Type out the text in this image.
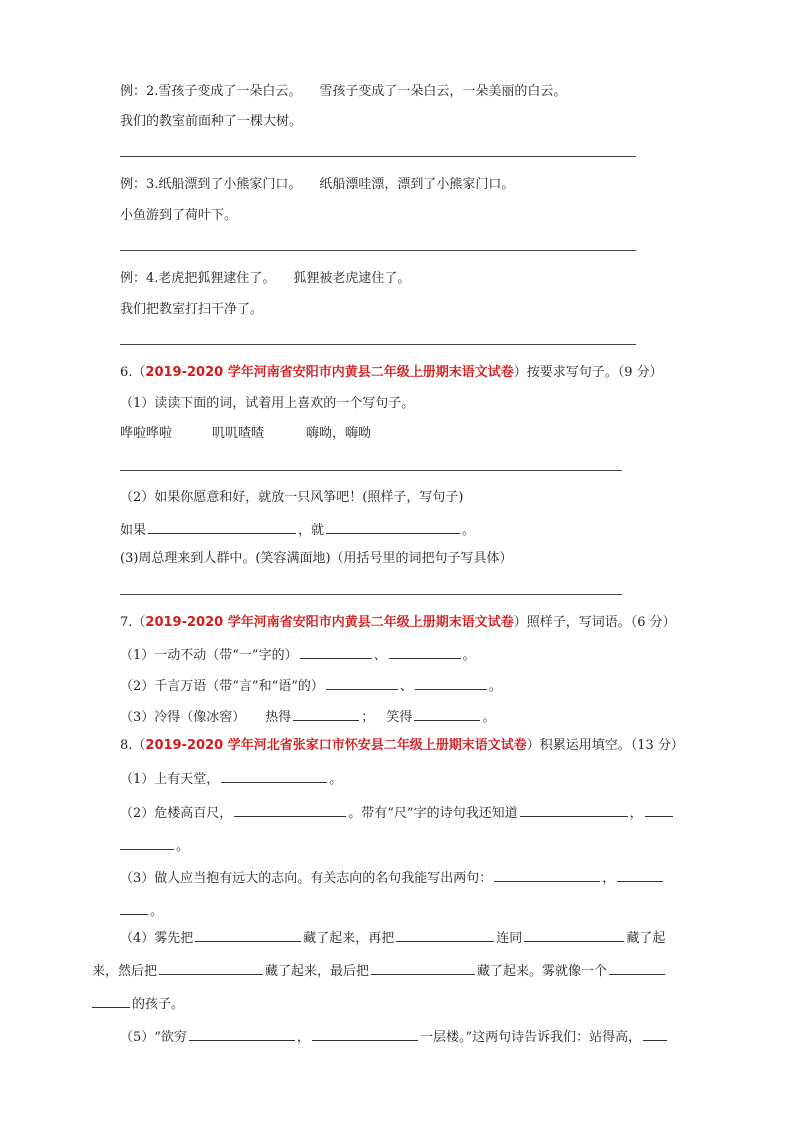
例：2.雪孩子变成了一朵白云。 雪孩子变成了一朵白云，一朵美丽的白云。
我们的教室前面种了一棵大树。
例：3.纸船漂到了小熊家门口。 纸船漂哇漂，漂到了小熊家门口。
小鱼游到了荷叶下。
例：4.老虎把狐狸逮住了。 狐狸被老虎逮住了。
我们把教室打扫干净了。
6.（2019-2020 学年河南省安阳市内黄县二年级上册期末语文试卷）按要求写句子。（9 分）
（1）读读下面的词，试着用上喜欢的一个写句子。
哗啦哗啦	叽叽喳喳	嗨呦，嗨呦
（2）如果你愿意和好，就放一只风筝吧！(照样子，写句子)
如果	，就	。
(3)周总理来到人群中。(笑容满面地)（用括号里的词把句子写具体）
7.（2019-2020 学年河南省安阳市内黄县二年级上册期末语文试卷）照样子，写词语。（6 分）
（1）一动不动（带“一”字的）	、	。
（2）千言万语（带“言”和“语”的）	、	。
（3）冷得（像冰窖） 热得	； 笑得	。
8.（2019-2020 学年河北省张家口市怀安县二年级上册期末语文试卷）积累运用填空。（13 分）
（1）上有天堂，	。
（2）危楼高百尺，	。带有“尺”字的诗句我还知道	，
。
（3）做人应当抱有远大的志向。有关志向的名句我能写出两句：	，
。
（4）雾先把	藏了起来，再把	连同	藏了起
来，然后把	藏了起来，最后把	藏了起来。雾就像一个
的孩子。
（5）“欲穷	，	一层楼。”这两句诗告诉我们：站得高，
